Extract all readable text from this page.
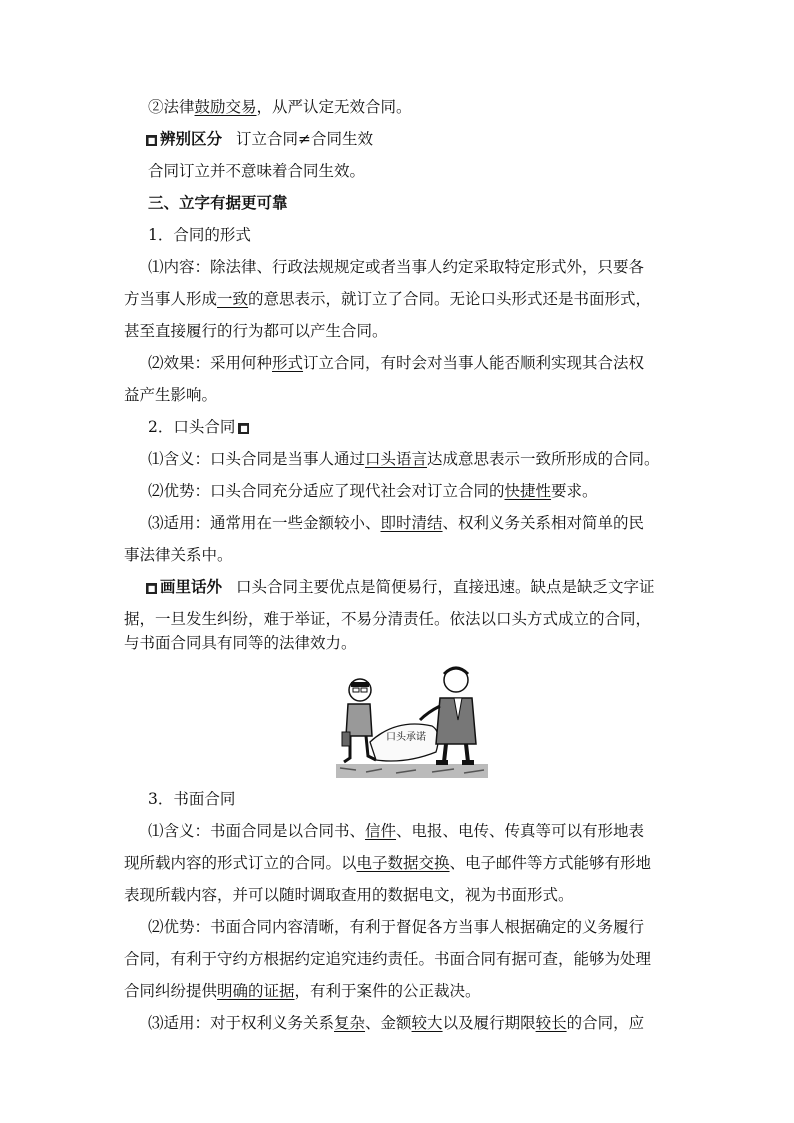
②法律鼓励交易，从严认定无效合同。
■ 辨别区分 订立合同≠合同生效
合同订立并不意味着合同生效。
三、立字有据更可靠
1．合同的形式
⑴内容：除法律、行政法规规定或者当事人约定采取特定形式外，只要各
方当事人形成一致的意思表示，就订立了合同。无论口头形式还是书面形式，
甚至直接履行的行为都可以产生合同。
⑵效果：采用何种形式订立合同，有时会对当事人能否顺利实现其合法权
益产生影响。
2．口头合同 ■
⑴含义：口头合同是当事人通过口头语言达成意思表示一致所形成的合同。
⑵优势：口头合同充分适应了现代社会对订立合同的快捷性要求。
⑶适用：通常用在一些金额较小、即时清结、权利义务关系相对简单的民
事法律关系中。
■ 画里话外 口头合同主要优点是简便易行，直接迅速。缺点是缺乏文字证
据，一旦发生纠纷，难于举证，不易分清责任。依法以口头方式成立的合同，
与书面合同具有同等的法律效力。
口头承诺
3．书面合同
⑴含义：书面合同是以合同书、信件、电报、电传、传真等可以有形地表
现所载内容的形式订立的合同。以电子数据交换、电子邮件等方式能够有形地
表现所载内容，并可以随时调取查用的数据电文，视为书面形式。
⑵优势：书面合同内容清晰，有利于督促各方当事人根据确定的义务履行
合同，有利于守约方根据约定追究违约责任。书面合同有据可查，能够为处理
合同纠纷提供明确的证据，有利于案件的公正裁决。
⑶适用：对于权利义务关系复杂、金额较大以及履行期限较长的合同，应
